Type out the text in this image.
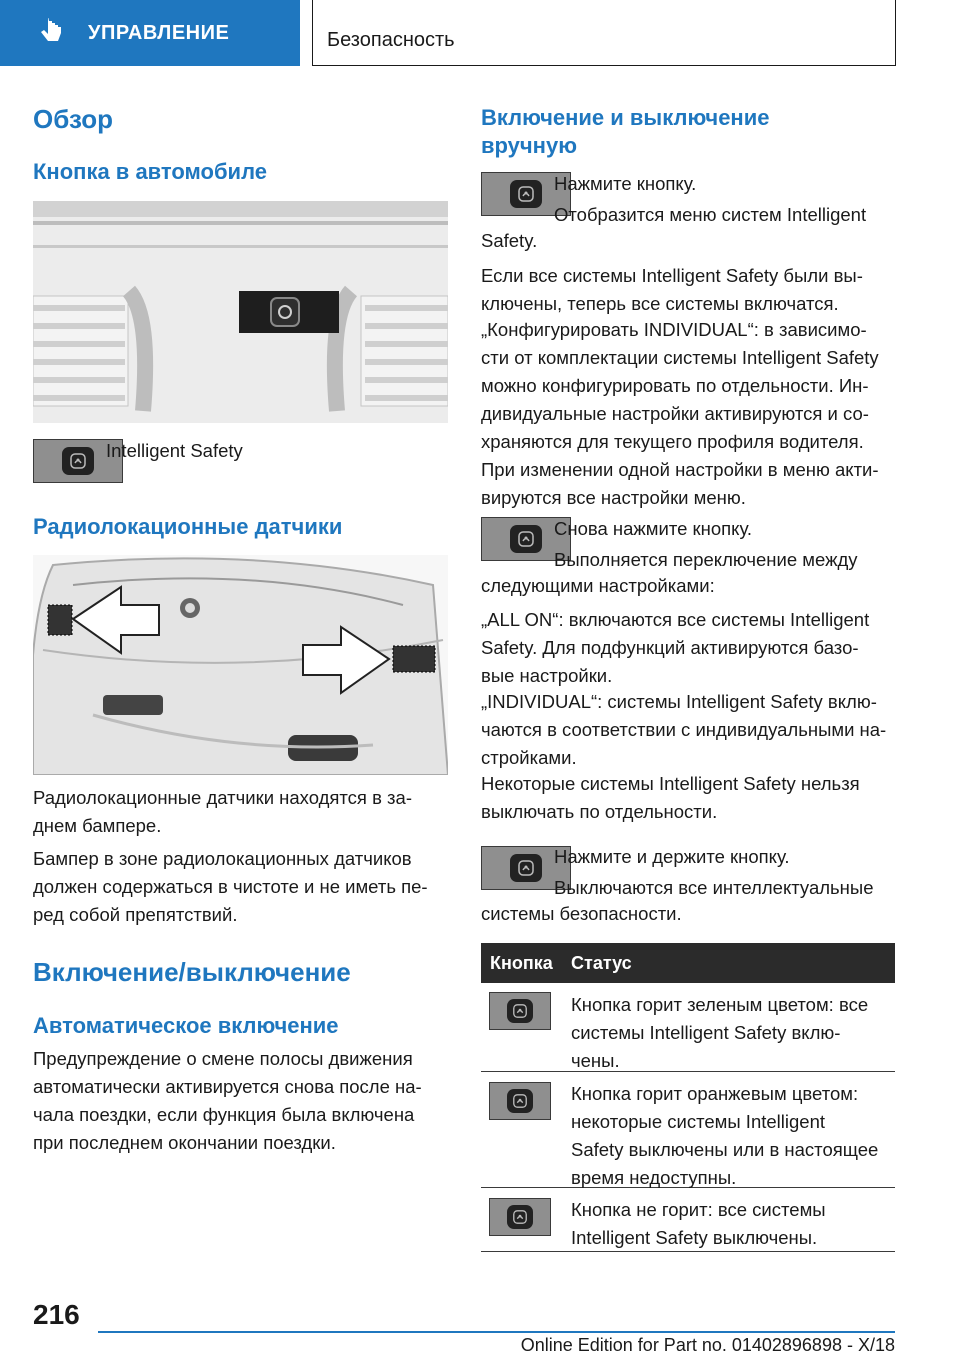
УПРАВЛЕНИЕ	Безопасность
Обзор
Кнопка в автомобиле
Intelligent Safety
Радиолокационные датчики
Радиолокационные датчики находятся в за-
днем бампере.
Бампер в зоне радиолокационных датчиков
должен содержаться в чистоте и не иметь пе-
ред собой препятствий.
Включение/выключение
Автоматическое включение
Предупреждение о смене полосы движения
автоматически активируется снова после на-
чала поездки, если функция была включена
при последнем окончании поездки.
Включение и выключение
вручную
Нажмите кнопку.
Отобразится меню систем Intelligent
Safety.
Если все системы Intelligent Safety были вы-
ключены, теперь все системы включатся.
„Конфигурировать INDIVIDUAL“: в зависимо-
сти от комплектации системы Intelligent Safety
можно конфигурировать по отдельности. Ин-
дивидуальные настройки активируются и со-
храняются для текущего профиля водителя.
При изменении одной настройки в меню акти-
вируются все настройки меню.
Снова нажмите кнопку.
Выполняется переключение между
следующими настройками:
„ALL ON“: включаются все системы Intelligent
Safety. Для подфункций активируются базо-
вые настройки.
„INDIVIDUAL“: системы Intelligent Safety вклю-
чаются в соответствии с индивидуальными на-
стройками.
Некоторые системы Intelligent Safety нельзя
выключать по отдельности.
Нажмите и держите кнопку.
Выключаются все интеллектуальные
системы безопасности.
Кнопка Статус
Кнопка горит зеленым цветом: все
системы Intelligent Safety вклю-
чены.
Кнопка горит оранжевым цветом:
некоторые системы Intelligent
Safety выключены или в настоящее
время недоступны.
Кнопка не горит: все системы
Intelligent Safety выключены.
216
Online Edition for Part no. 01402896898 - X/18
